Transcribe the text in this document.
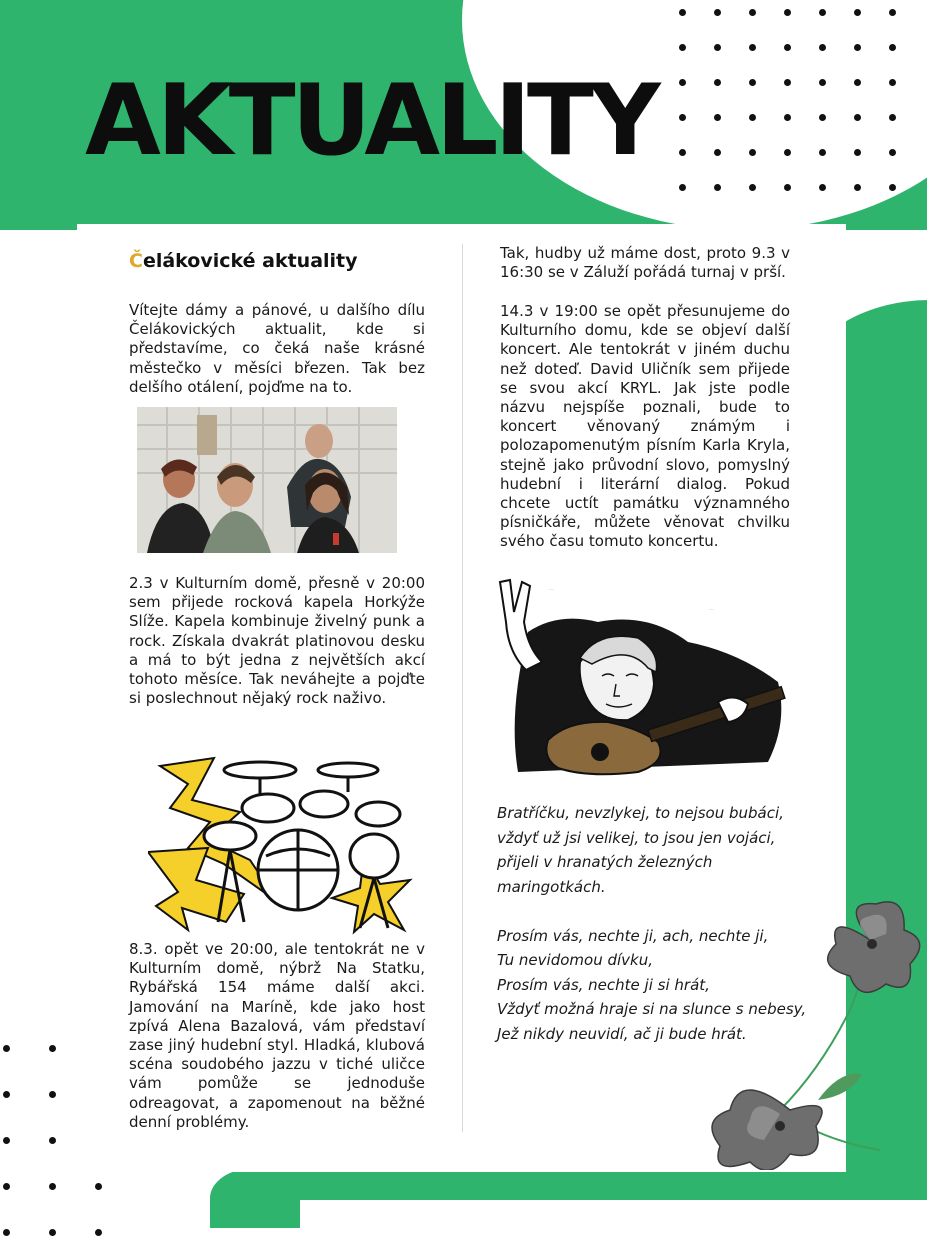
AKTUALITY
Čelákovické aktuality

Vítejte dámy a pánové, u dalšího dílu Čelákovických aktualit, kde si představíme, co čeká naše krásné městečko v měsíci březen. Tak bez delšího otálení, pojďme na to.

2.3 v Kulturním domě, přesně v 20:00 sem přijede rocková kapela Horkýže Slíže. Kapela kombinuje živelný punk a rock. Získala dvakrát platinovou desku a má to být jedna z největších akcí tohoto měsíce. Tak neváhejte a pojďte si poslechnout nějaký rock naživo.

8.3. opět ve 20:00, ale tentokrát ne v Kulturním domě, nýbrž Na Statku, Rybářská 154 máme další akci. Jamování na Maríně, kde jako host zpívá Alena Bazalová, vám představí zase jiný hudební styl. Hladká, klubová scéna soudobého jazzu v tiché uličce vám pomůže se jednoduše odreagovat, a zapomenout na běžné denní problémy.

Tak, hudby už máme dost, proto 9.3 v 16:30 se v Záluží pořádá turnaj v prší.

14.3 v 19:00 se opět přesunujeme do Kulturního domu, kde se objeví další koncert. Ale tentokrát v jiném duchu než doteď. David Uličník sem přijede se svou akcí KRYL. Jak jste podle názvu nejspíše poznali, bude to koncert věnovaný známým i polozapomenutým písním Karla Kryla, stejně jako průvodní slovo, pomyslný hudební i literární dialog. Pokud chcete uctít památku významného písničkáře, můžete věnovat chvilku svého času tomuto koncertu.

~
~
Bratříčku, nevzlykej, to nejsou bubáci,
vždyť už jsi velikej, to jsou jen vojáci,
přijeli v hranatých železných
maringotkách.
Prosím vás, nechte ji, ach, nechte ji,
Tu nevidomou dívku,
Prosím vás, nechte ji si hrát,
Vždyť možná hraje si na slunce s nebesy,
Jež nikdy neuvidí, ač ji bude hrát.
